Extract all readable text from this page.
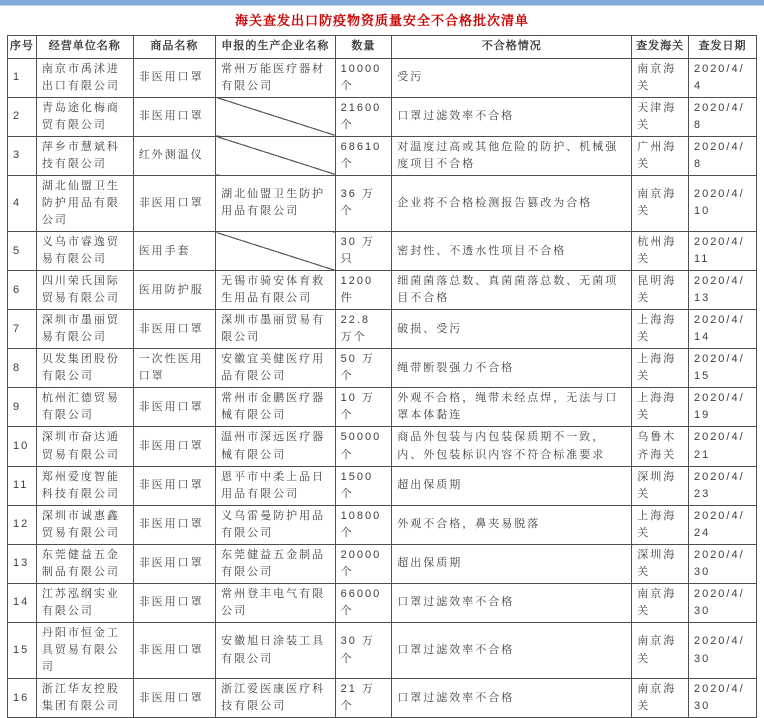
海关查发出口防疫物资质量安全不合格批次清单
序号	经营单位名称	商品名称	申报的生产企业名称	数量	不合格情况	查发海关	查发日期
1	南京市禹沭进出口有限公司	非医用口罩	常州万能医疗器材有限公司	10000 个	受污	南京海关	2020/4/4
2	青岛途化梅商贸有限公司	非医用口罩		21600 个	口罩过滤效率不合格	天津海关	2020/4/8
3	萍乡市慧斌科技有限公司	红外测温仪		68610 个	对温度过高或其他危险的防护、机械强度项目不合格	广州海关	2020/4/8
4	湖北仙盟卫生防护用品有限公司	非医用口罩	湖北仙盟卫生防护用品有限公司	36 万个	企业将不合格检测报告篡改为合格	南京海关	2020/4/10
5	义乌市睿逸贸易有限公司	医用手套		30 万只	密封性、不透水性项目不合格	杭州海关	2020/4/11
6	四川荣氏国际贸易有限公司	医用防护服	无锡市骑安体育救生用品有限公司	1200 件	细菌菌落总数、真菌菌落总数、无菌项目不合格	昆明海关	2020/4/13
7	深圳市墨丽贸易有限公司	非医用口罩	深圳市墨丽贸易有限公司	22.8 万个	破损、受污	上海海关	2020/4/14
8	贝发集团股份有限公司	一次性医用口罩	安徽宜美健医疗用品有限公司	50 万个	绳带断裂强力不合格	上海海关	2020/4/15
9	杭州汇德贸易有限公司	非医用口罩	常州市金鹏医疗器械有限公司	10 万个	外观不合格，绳带未经点焊，无法与口罩本体黏连	上海海关	2020/4/19
10	深圳市奋达通贸易有限公司	非医用口罩	温州市深远医疗器械有限公司	50000 个	商品外包装与内包装保质期不一致，内、外包装标识内容不符合标准要求	乌鲁木齐海关	2020/4/21
11	郑州爱度智能科技有限公司	非医用口罩	恩平市中柔上品日用品有限公司	1500 个	超出保质期	深圳海关	2020/4/23
12	深圳市诚惠鑫贸易有限公司	非医用口罩	义乌雷曼防护用品有限公司	10800 个	外观不合格，鼻夹易脱落	上海海关	2020/4/24
13	东莞健益五金制品有限公司	非医用口罩	东莞健益五金制品有限公司	20000 个	超出保质期	深圳海关	2020/4/30
14	江苏泓纲实业有限公司	非医用口罩	常州登丰电气有限公司	66000 个	口罩过滤效率不合格	南京海关	2020/4/30
15	丹阳市恒金工具贸易有限公司	非医用口罩	安徽旭日涂装工具有限公司	30 万个	口罩过滤效率不合格	南京海关	2020/4/30
16	浙江华友控股集团有限公司	非医用口罩	浙江爱医康医疗科技有限公司	21 万个	口罩过滤效率不合格	南京海关	2020/4/30
